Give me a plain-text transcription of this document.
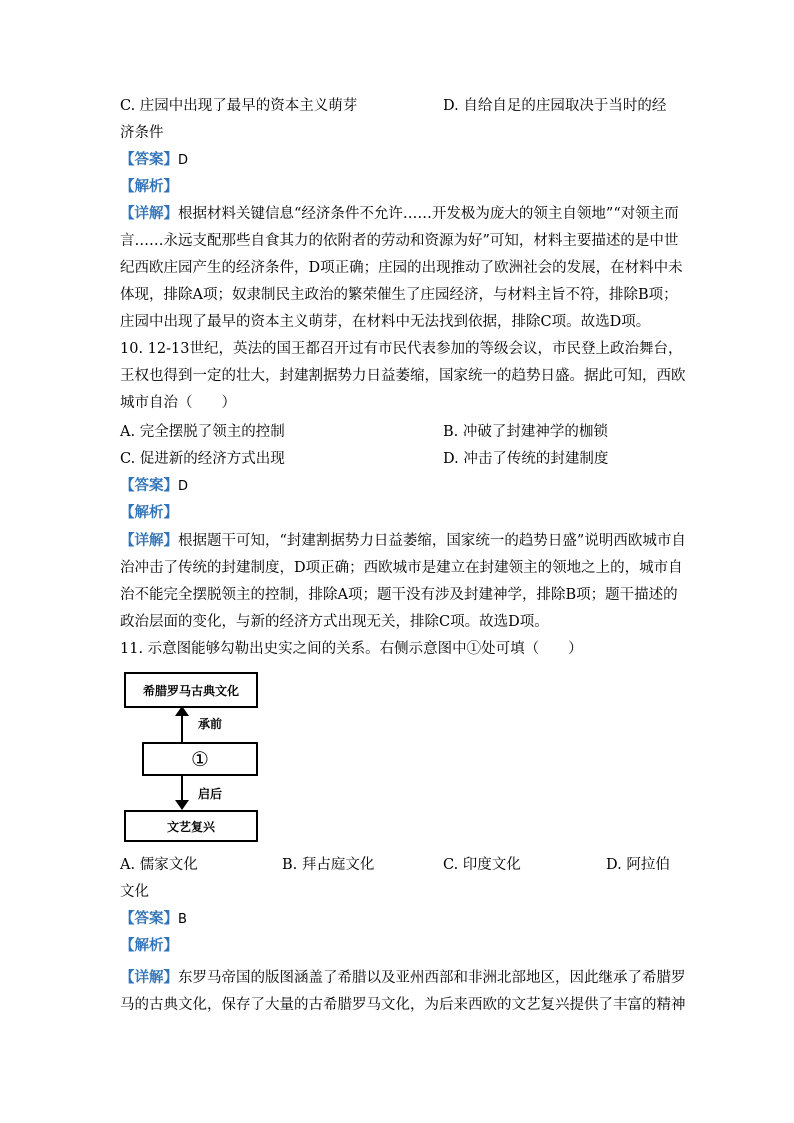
C. 庄园中出现了最早的资本主义萌芽	D. 自给自足的庄园取决于当时的经
济条件
【答案】D
【解析】
【详解】根据材料关键信息“经济条件不允许……开发极为庞大的领主自领地”“对领主而
言……永远支配那些自食其力的依附者的劳动和资源为好”可知，材料主要描述的是中世
纪西欧庄园产生的经济条件，D项正确；庄园的出现推动了欧洲社会的发展，在材料中未
体现，排除A项；奴隶制民主政治的繁荣催生了庄园经济，与材料主旨不符，排除B项；
庄园中出现了最早的资本主义萌芽，在材料中无法找到依据，排除C项。故选D项。
10. 12-13世纪，英法的国王都召开过有市民代表参加的等级会议，市民登上政治舞台，
王权也得到一定的壮大，封建割据势力日益萎缩，国家统一的趋势日盛。据此可知，西欧
城市自治（　　）
A. 完全摆脱了领主的控制	B. 冲破了封建神学的枷锁
C. 促进新的经济方式出现	D. 冲击了传统的封建制度
【答案】D
【解析】
【详解】根据题干可知，“封建割据势力日益萎缩，国家统一的趋势日盛”说明西欧城市自
治冲击了传统的封建制度，D项正确；西欧城市是建立在封建领主的领地之上的，城市自
治不能完全摆脱领主的控制，排除A项；题干没有涉及封建神学，排除B项；题干描述的
政治层面的变化，与新的经济方式出现无关，排除C项。故选D项。
11. 示意图能够勾勒出史实之间的关系。右侧示意图中①处可填（　　）
希腊罗马古典文化
承前
①
启后
文艺复兴
A. 儒家文化	B. 拜占庭文化	C. 印度文化	D. 阿拉伯
文化
【答案】B
【解析】
【详解】东罗马帝国的版图涵盖了希腊以及亚州西部和非洲北部地区，因此继承了希腊罗
马的古典文化，保存了大量的古希腊罗马文化，为后来西欧的文艺复兴提供了丰富的精神
